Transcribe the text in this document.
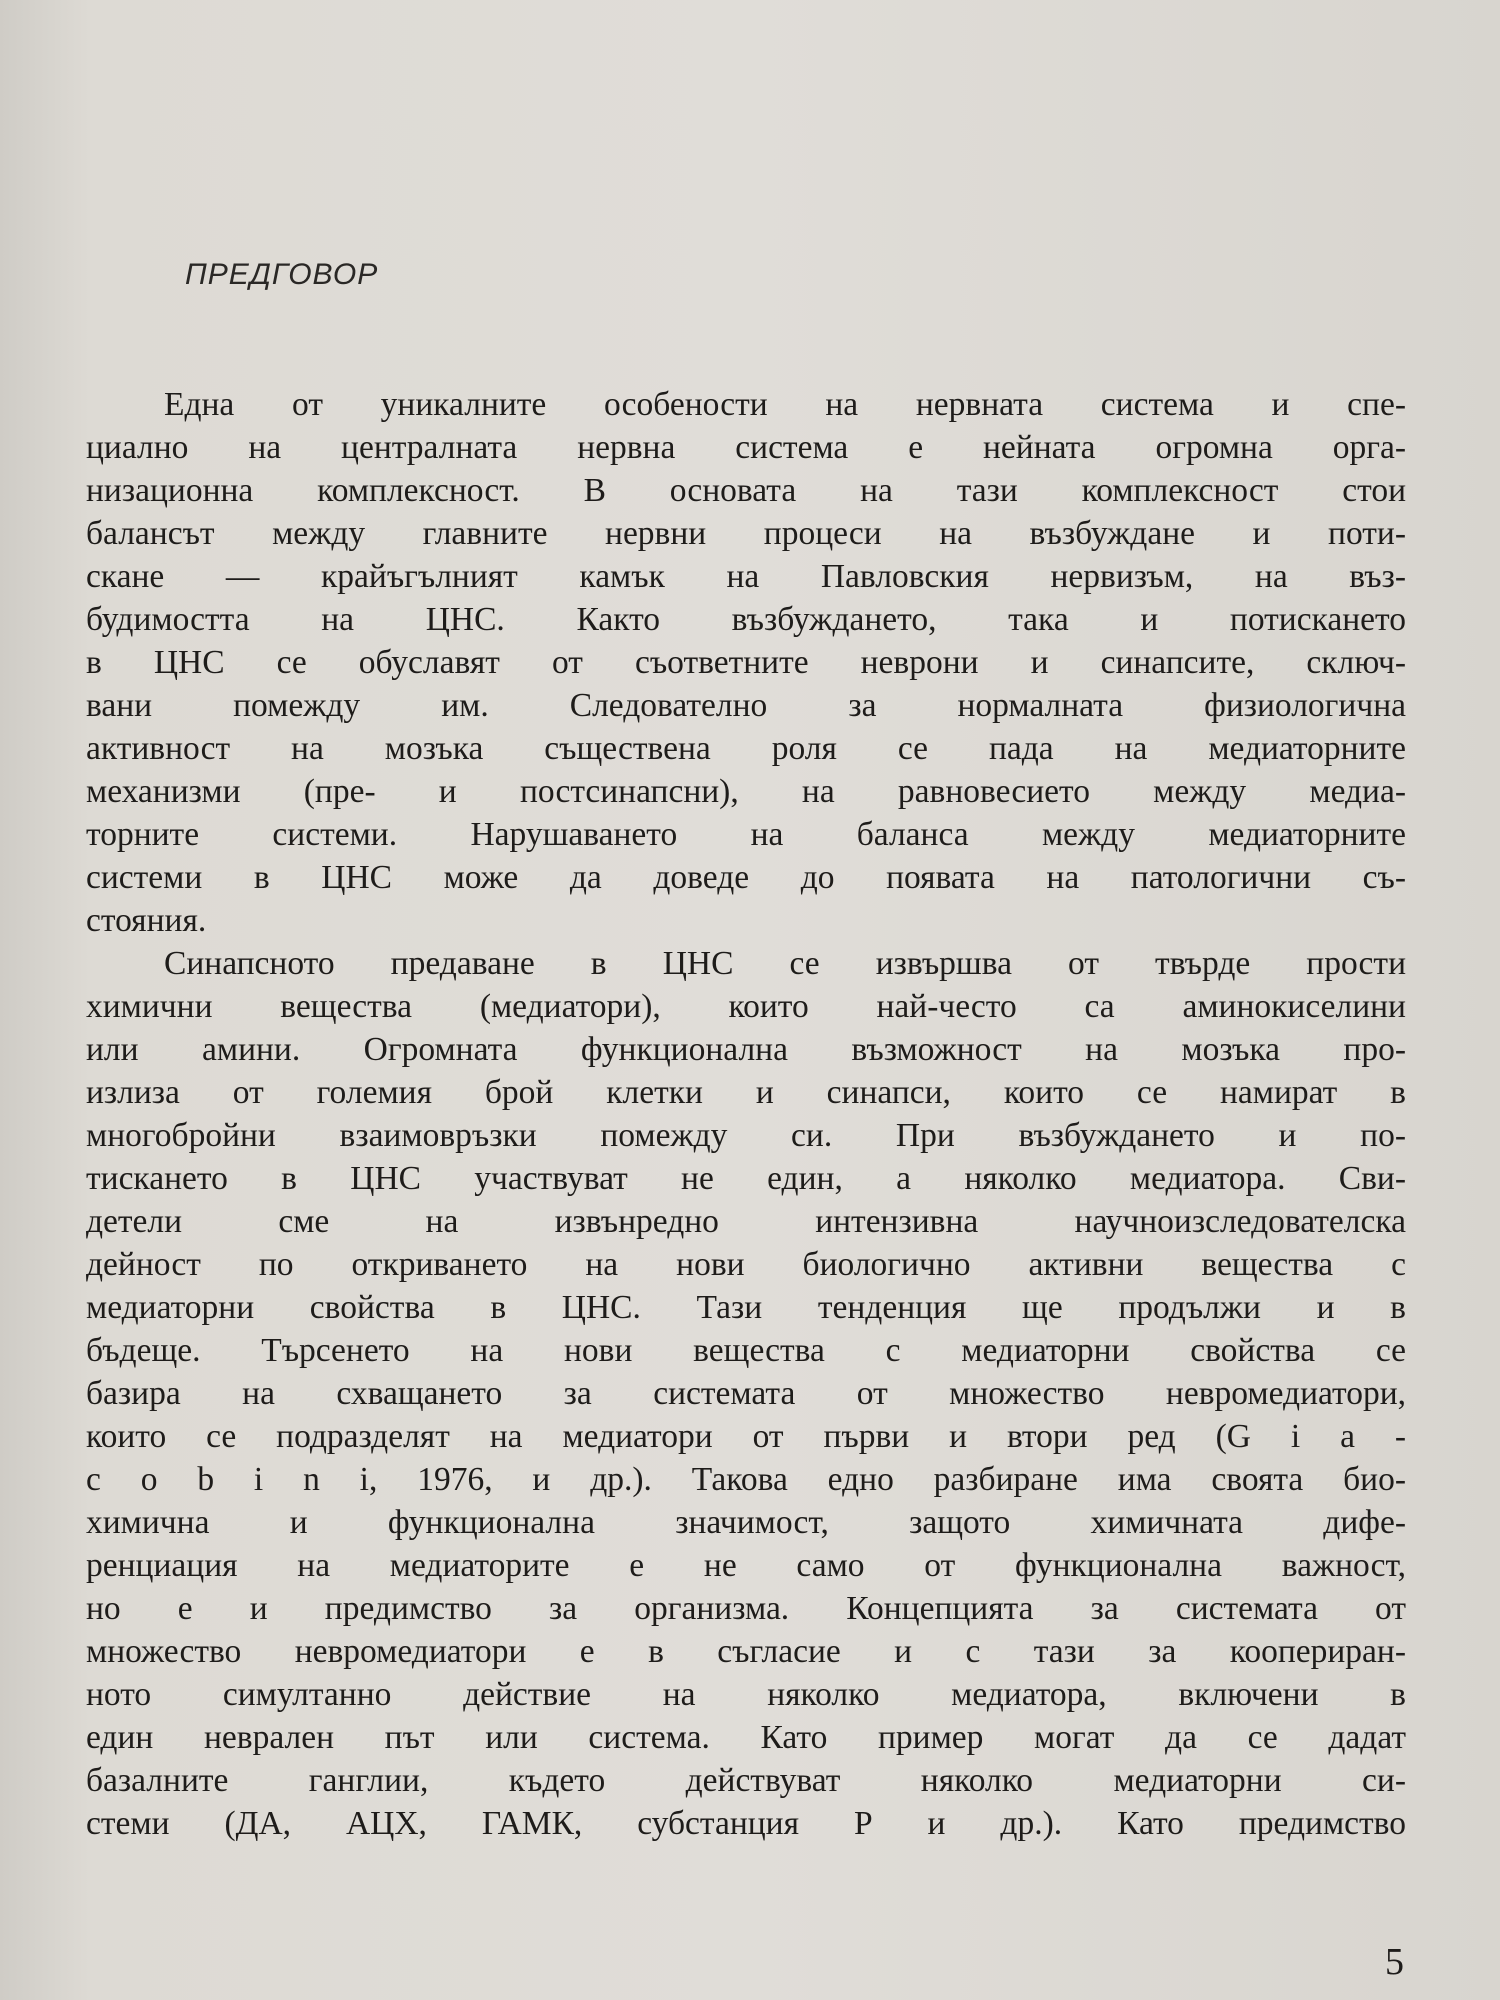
ПРЕДГОВОР
Една от уникалните особености на нервната система и спе-
циално на централната нервна система е нейната огромна орга-
низационна комплексност. В основата на тази комплексност стои
балансът между главните нервни процеси на възбуждане и поти-
скане — крайъгълният камък на Павловския нервизъм, на въз-
будимостта на ЦНС. Както възбуждането, така и потискането
в ЦНС се обуславят от съответните неврони и синапсите, сключ-
вани помежду им. Следователно за нормалната физиологична
активност на мозъка съществена роля се пада на медиаторните
механизми (пре- и постсинапсни), на равновесието между медиа-
торните системи. Нарушаването на баланса между медиаторните
системи в ЦНС може да доведе до появата на патологични съ-
стояния.
Синапсното предаване в ЦНС се извършва от твърде прости
химични вещества (медиатори), които най-често са аминокиселини
или амини. Огромната функционална възможност на мозъка про-
излиза от големия брой клетки и синапси, които се намират в
многобройни взаимовръзки помежду си. При възбуждането и по-
тискането в ЦНС участвуват не един, а няколко медиатора. Сви-
детели сме на извънредно интензивна научноизследователска
дейност по откриването на нови биологично активни вещества с
медиаторни свойства в ЦНС. Тази тенденция ще продължи и в
бъдеще. Търсенето на нови вещества с медиаторни свойства се
базира на схващането за системата от множество невромедиатори,
които се подразделят на медиатори от първи и втори ред (G i a -
c o b i n i, 1976, и др.). Такова едно разбиране има своята био-
химична и функционална значимост, защото химичната дифе-
ренциация на медиаторите е не само от функционална важност,
но е и предимство за организма. Концепцията за системата от
множество невромедиатори е в съгласие и с тази за коопериран-
ното симултанно действие на няколко медиатора, включени в
един неврален път или система. Като пример могат да се дадат
базалните ганглии, където действуват няколко медиаторни си-
стеми (ДА, АЦХ, ГАМК, субстанция Р и др.). Като предимство
5
